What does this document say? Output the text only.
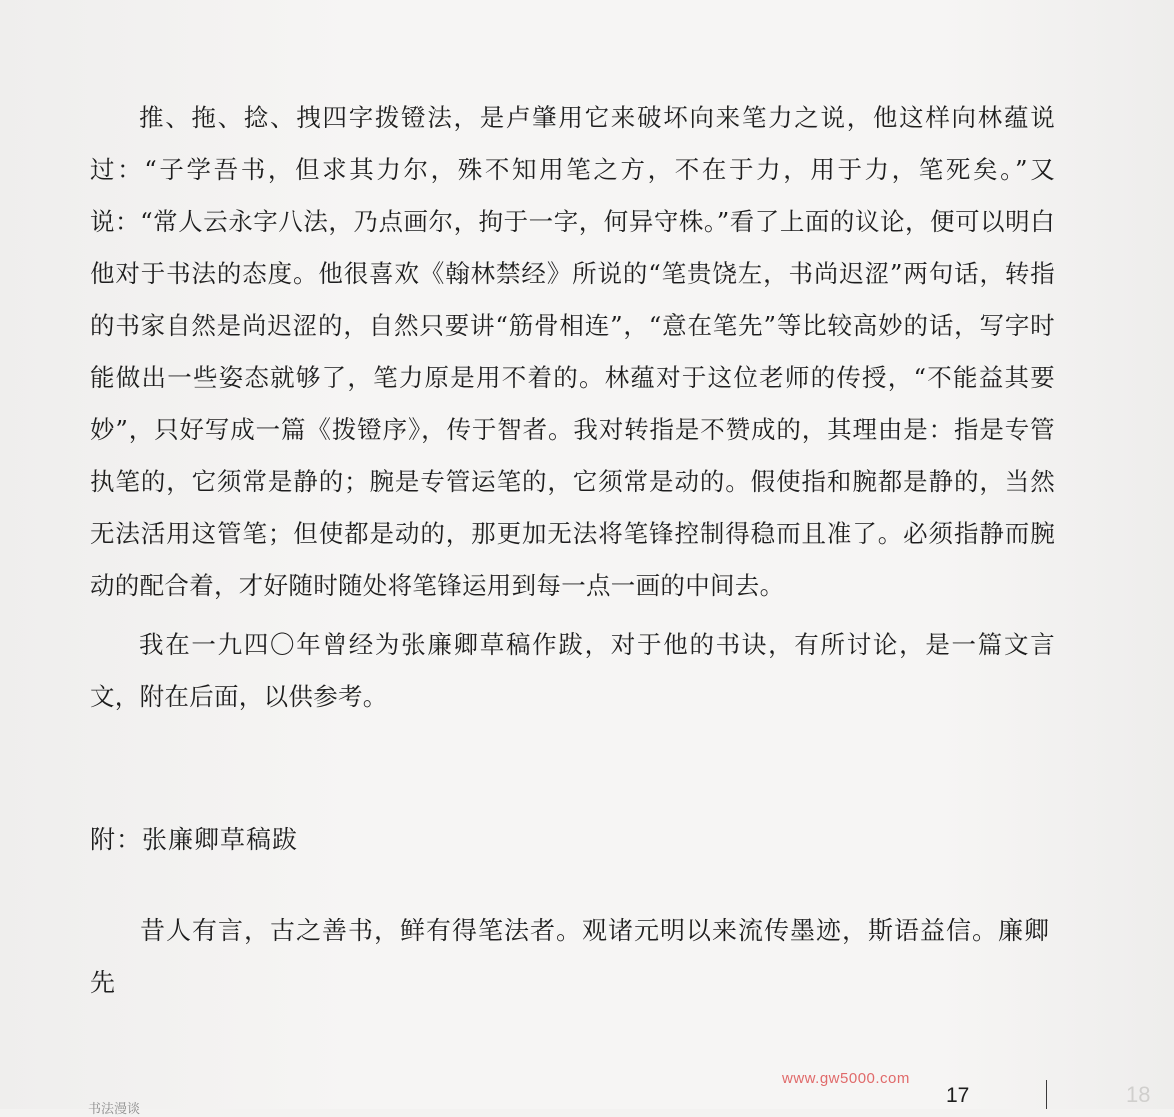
推、拖、捻、拽四字拨镫法，是卢肇用它来破坏向来笔力之说，他这样向林蕴说过：“子学吾书，但求其力尔，殊不知用笔之方，不在于力，用于力，笔死矣。”又说：“常人云永字八法，乃点画尔，拘于一字，何异守株。”看了上面的议论，便可以明白他对于书法的态度。他很喜欢《翰林禁经》所说的“笔贵饶左，书尚迟涩”两句话，转指的书家自然是尚迟涩的，自然只要讲“筋骨相连”，“意在笔先”等比较高妙的话，写字时能做出一些姿态就够了，笔力原是用不着的。林蕴对于这位老师的传授，“不能益其要妙”，只好写成一篇《拨镫序》，传于智者。我对转指是不赞成的，其理由是：指是专管执笔的，它须常是静的；腕是专管运笔的，它须常是动的。假使指和腕都是静的，当然无法活用这管笔；但使都是动的，那更加无法将笔锋控制得稳而且准了。必须指静而腕动的配合着，才好随时随处将笔锋运用到每一点一画的中间去。

我在一九四〇年曾经为张廉卿草稿作跋，对于他的书诀，有所讨论，是一篇文言文，附在后面，以供参考。

附：张廉卿草稿跋

昔人有言，古之善书，鲜有得笔法者。观诸元明以来流传墨迹，斯语益信。廉卿先

www.gw5000.com
17	18
书法漫谈
